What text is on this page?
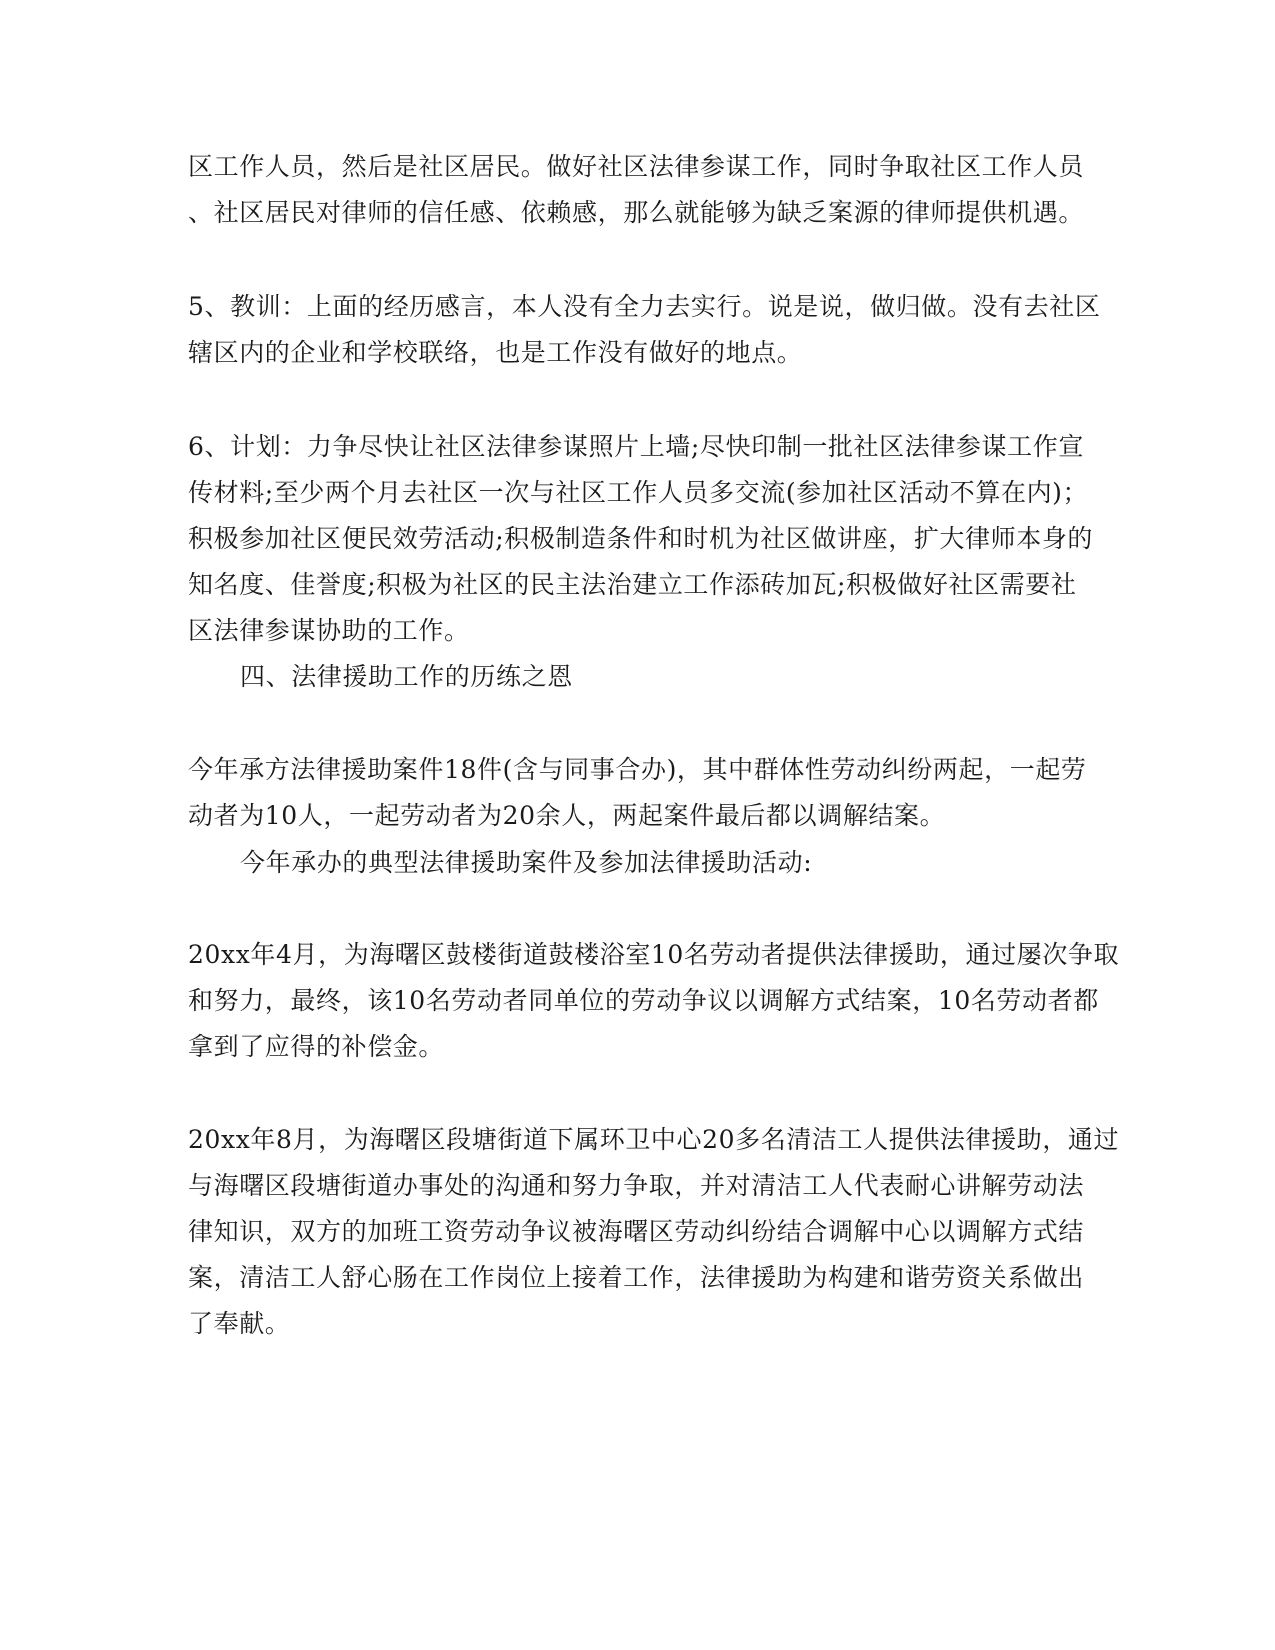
区工作人员，然后是社区居民。做好社区法律参谋工作，同时争取社区工作人员
、社区居民对律师的信任感、依赖感，那么就能够为缺乏案源的律师提供机遇。
5、教训：上面的经历感言，本人没有全力去实行。说是说，做归做。没有去社区
辖区内的企业和学校联络，也是工作没有做好的地点。
6、计划：力争尽快让社区法律参谋照片上墙;尽快印制一批社区法律参谋工作宣
传材料;至少两个月去社区一次与社区工作人员多交流(参加社区活动不算在内)；
积极参加社区便民效劳活动;积极制造条件和时机为社区做讲座，扩大律师本身的
知名度、佳誉度;积极为社区的民主法治建立工作添砖加瓦;积极做好社区需要社
区法律参谋协助的工作。
四、法律援助工作的历练之恩
今年承方法律援助案件18件(含与同事合办)，其中群体性劳动纠纷两起，一起劳
动者为10人，一起劳动者为20余人，两起案件最后都以调解结案。
今年承办的典型法律援助案件及参加法律援助活动:
20xx年4月，为海曙区鼓楼街道鼓楼浴室10名劳动者提供法律援助，通过屡次争取
和努力，最终，该10名劳动者同单位的劳动争议以调解方式结案，10名劳动者都
拿到了应得的补偿金。
20xx年8月，为海曙区段塘街道下属环卫中心20多名清洁工人提供法律援助，通过
与海曙区段塘街道办事处的沟通和努力争取，并对清洁工人代表耐心讲解劳动法
律知识，双方的加班工资劳动争议被海曙区劳动纠纷结合调解中心以调解方式结
案，清洁工人舒心肠在工作岗位上接着工作，法律援助为构建和谐劳资关系做出
了奉献。
